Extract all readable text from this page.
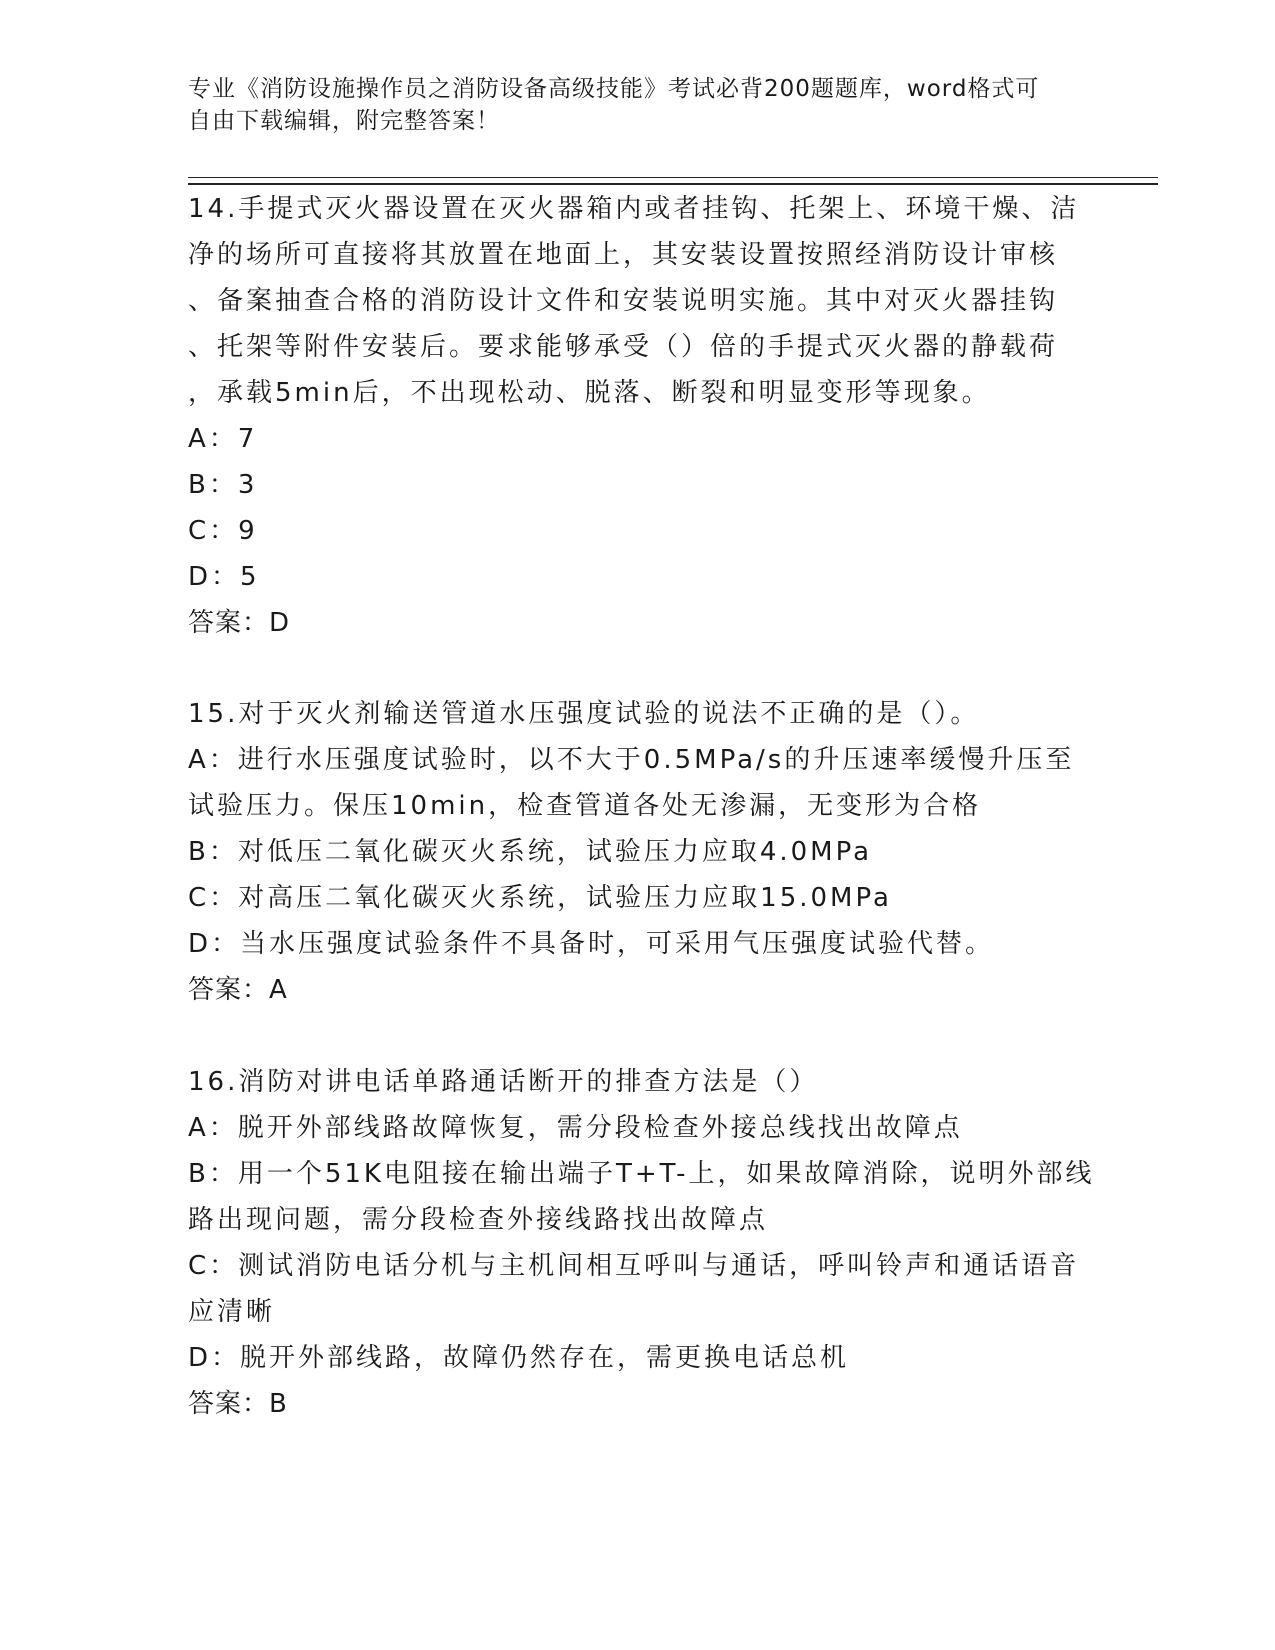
专业《消防设施操作员之消防设备高级技能》考试必背200题题库，word格式可
自由下载编辑，附完整答案！
14.手提式灭火器设置在灭火器箱内或者挂钩、托架上、环境干燥、洁
净的场所可直接将其放置在地面上，其安装设置按照经消防设计审核
、备案抽查合格的消防设计文件和安装说明实施。其中对灭火器挂钩
、托架等附件安装后。要求能够承受（）倍的手提式灭火器的静载荷
，承载5min后，不出现松动、脱落、断裂和明显变形等现象。
A：7
B：3
C：9
D：5
答案：D
15.对于灭火剂输送管道水压强度试验的说法不正确的是（）。
A：进行水压强度试验时，以不大于0.5MPa/s的升压速率缓慢升压至
试验压力。保压10min，检查管道各处无渗漏，无变形为合格
B：对低压二氧化碳灭火系统，试验压力应取4.0MPa
C：对高压二氧化碳灭火系统，试验压力应取15.0MPa
D：当水压强度试验条件不具备时，可采用气压强度试验代替。
答案：A
16.消防对讲电话单路通话断开的排查方法是（）
A：脱开外部线路故障恢复，需分段检查外接总线找出故障点
B：用一个51K电阻接在输出端子T+T-上，如果故障消除，说明外部线
路出现问题，需分段检查外接线路找出故障点
C：测试消防电话分机与主机间相互呼叫与通话，呼叫铃声和通话语音
应清晰
D：脱开外部线路，故障仍然存在，需更换电话总机
答案：B
